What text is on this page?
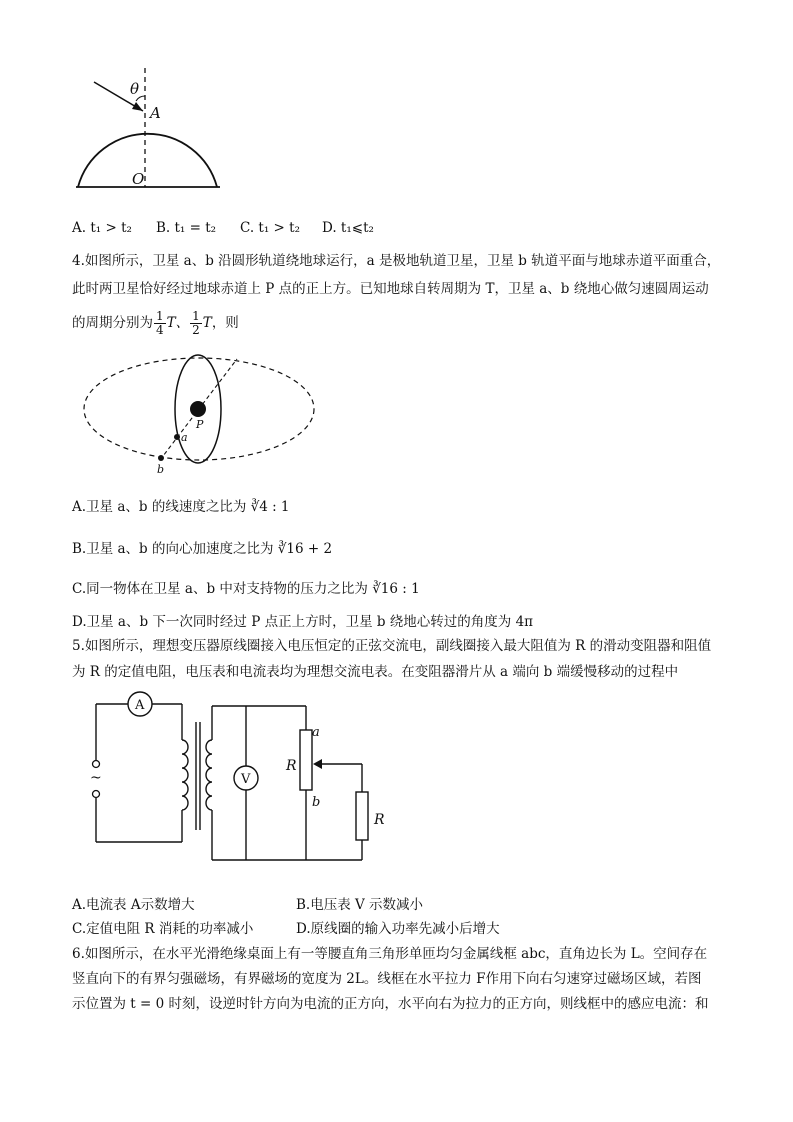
θ
A
O
A. t₁ > t₂ B. t₁ = t₂ C. t₁ > t₂ D. t₁⩽t₂
4.如图所示，卫星 a、b 沿圆形轨道绕地球运行，a 是极地轨道卫星，卫星 b 轨道平面与地球赤道平面重合，
此时两卫星恰好经过地球赤道上 P 点的正上方。已知地球自转周期为 T，卫星 a、b 绕地心做匀速圆周运动
的周期分别为 $\frac{1}{4}$ T、 $\frac{1}{2}$ T，则
P
a
b
A.卫星 a、b 的线速度之比为 ∛4 : 1
B.卫星 a、b 的向心加速度之比为 ∛16 + 2
C.同一物体在卫星 a、b 中对支持物的压力之比为 ∛16 : 1
D.卫星 a、b 下一次同时经过 P 点正上方时，卫星 b 绕地心转过的角度为 4π
5.如图所示，理想变压器原线圈接入电压恒定的正弦交流电，副线圈接入最大阻值为 R 的滑动变阻器和阻值
为 R 的定值电阻，电压表和电流表均为理想交流电表。在变阻器滑片从 a 端向 b 端缓慢移动的过程中
A
~	V
a
b
R
R
A.电流表 A示数增大	B.电压表 V 示数减小
C.定值电阻 R 消耗的功率减小	D.原线圈的输入功率先减小后增大
6.如图所示，在水平光滑绝缘桌面上有一等腰直角三角形单匝均匀金属线框 abc，直角边长为 L。空间存在
竖直向下的有界匀强磁场，有界磁场的宽度为 2L。线框在水平拉力 F作用下向右匀速穿过磁场区域，若图
示位置为 t = 0 时刻，设逆时针方向为电流的正方向，水平向右为拉力的正方向，则线框中的感应电流：和
